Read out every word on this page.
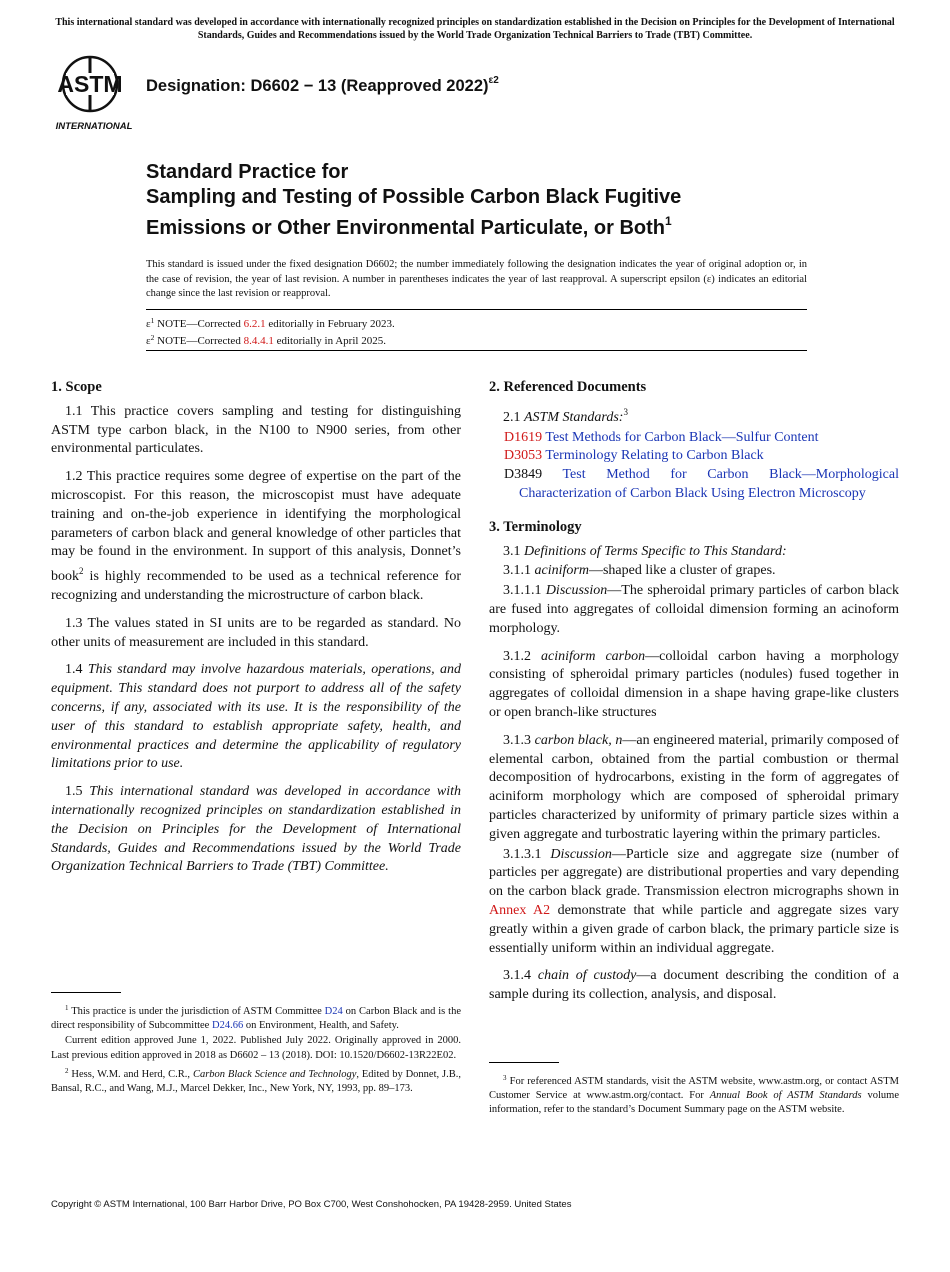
This international standard was developed in accordance with internationally recognized principles on standardization established in the Decision on Principles for the Development of International Standards, Guides and Recommendations issued by the World Trade Organization Technical Barriers to Trade (TBT) Committee.
ASTM
INTERNATIONAL
Designation: D6602 − 13 (Reapproved 2022)$^{\varepsilon 2}$
Standard Practice for
Sampling and Testing of Possible Carbon Black Fugitive
Emissions or Other Environmental Particulate, or Both$^1$
This standard is issued under the fixed designation D6602; the number immediately following the designation indicates the year of original adoption or, in the case of revision, the year of last revision. A number in parentheses indicates the year of last reapproval. A superscript epsilon (ε) indicates an editorial change since the last revision or reapproval.
$\varepsilon^1$ NOTE—Corrected 6.2.1 editorially in February 2023.
$\varepsilon^2$ NOTE—Corrected 8.4.4.1 editorially in April 2025.
1. Scope

1.1 This practice covers sampling and testing for distinguishing ASTM type carbon black, in the N100 to N900 series, from other environmental particulates.

1.2 This practice requires some degree of expertise on the part of the microscopist. For this reason, the microscopist must have adequate training and on-the-job experience in identifying the morphological parameters of carbon black and general knowledge of other particles that may be found in the environment. In support of this analysis, Donnet’s book$^2$ is highly recommended to be used as a technical reference for recognizing and understanding the microstructure of carbon black.

1.3 The values stated in SI units are to be regarded as standard. No other units of measurement are included in this standard.

1.4 This standard may involve hazardous materials, operations, and equipment. This standard does not purport to address all of the safety concerns, if any, associated with its use. It is the responsibility of the user of this standard to establish appropriate safety, health, and environmental practices and determine the applicability of regulatory limitations prior to use.

1.5 This international standard was developed in accordance with internationally recognized principles on standardization established in the Decision on Principles for the Development of International Standards, Guides and Recommendations issued by the World Trade Organization Technical Barriers to Trade (TBT) Committee.

$^1$ This practice is under the jurisdiction of ASTM Committee D24 on Carbon Black and is the direct responsibility of Subcommittee D24.66 on Environment, Health, and Safety.

Current edition approved June 1, 2022. Published July 2022. Originally approved in 2000. Last previous edition approved in 2018 as D6602 – 13 (2018). DOI: 10.1520/D6602-13R22E02.

$^2$ Hess, W.M. and Herd, C.R., Carbon Black Science and Technology, Edited by Donnet, J.B., Bansal, R.C., and Wang, M.J., Marcel Dekker, Inc., New York, NY, 1993, pp. 89–173.

2. Referenced Documents

2.1 ASTM Standards:$^3$

D1619 Test Methods for Carbon Black—Sulfur Content

D3053 Terminology Relating to Carbon Black

D3849 Test Method for Carbon Black—Morphological Characterization of Carbon Black Using Electron Microscopy

3. Terminology

3.1 Definitions of Terms Specific to This Standard:

3.1.1 aciniform—shaped like a cluster of grapes.

3.1.1.1 Discussion—The spheroidal primary particles of carbon black are fused into aggregates of colloidal dimension forming an acinoform morphology.

3.1.2 aciniform carbon—colloidal carbon having a morphology consisting of spheroidal primary particles (nodules) fused together in aggregates of colloidal dimension in a shape having grape-like clusters or open branch-like structures

3.1.3 carbon black, n—an engineered material, primarily composed of elemental carbon, obtained from the partial combustion or thermal decomposition of hydrocarbons, existing in the form of aggregates of aciniform morphology which are composed of spheroidal primary particles characterized by uniformity of primary particle sizes within a given aggregate and turbostratic layering within the primary particles.

3.1.3.1 Discussion—Particle size and aggregate size (number of particles per aggregate) are distributional properties and vary depending on the carbon black grade. Transmission electron micrographs shown in Annex A2 demonstrate that while particle and aggregate sizes vary greatly within a given grade of carbon black, the primary particle size is essentially uniform within an individual aggregate.

3.1.4 chain of custody—a document describing the condition of a sample during its collection, analysis, and disposal.

$^3$ For referenced ASTM standards, visit the ASTM website, www.astm.org, or contact ASTM Customer Service at www.astm.org/contact. For Annual Book of ASTM Standards volume information, refer to the standard’s Document Summary page on the ASTM website.

Copyright © ASTM International, 100 Barr Harbor Drive, PO Box C700, West Conshohocken, PA 19428-2959. United States
